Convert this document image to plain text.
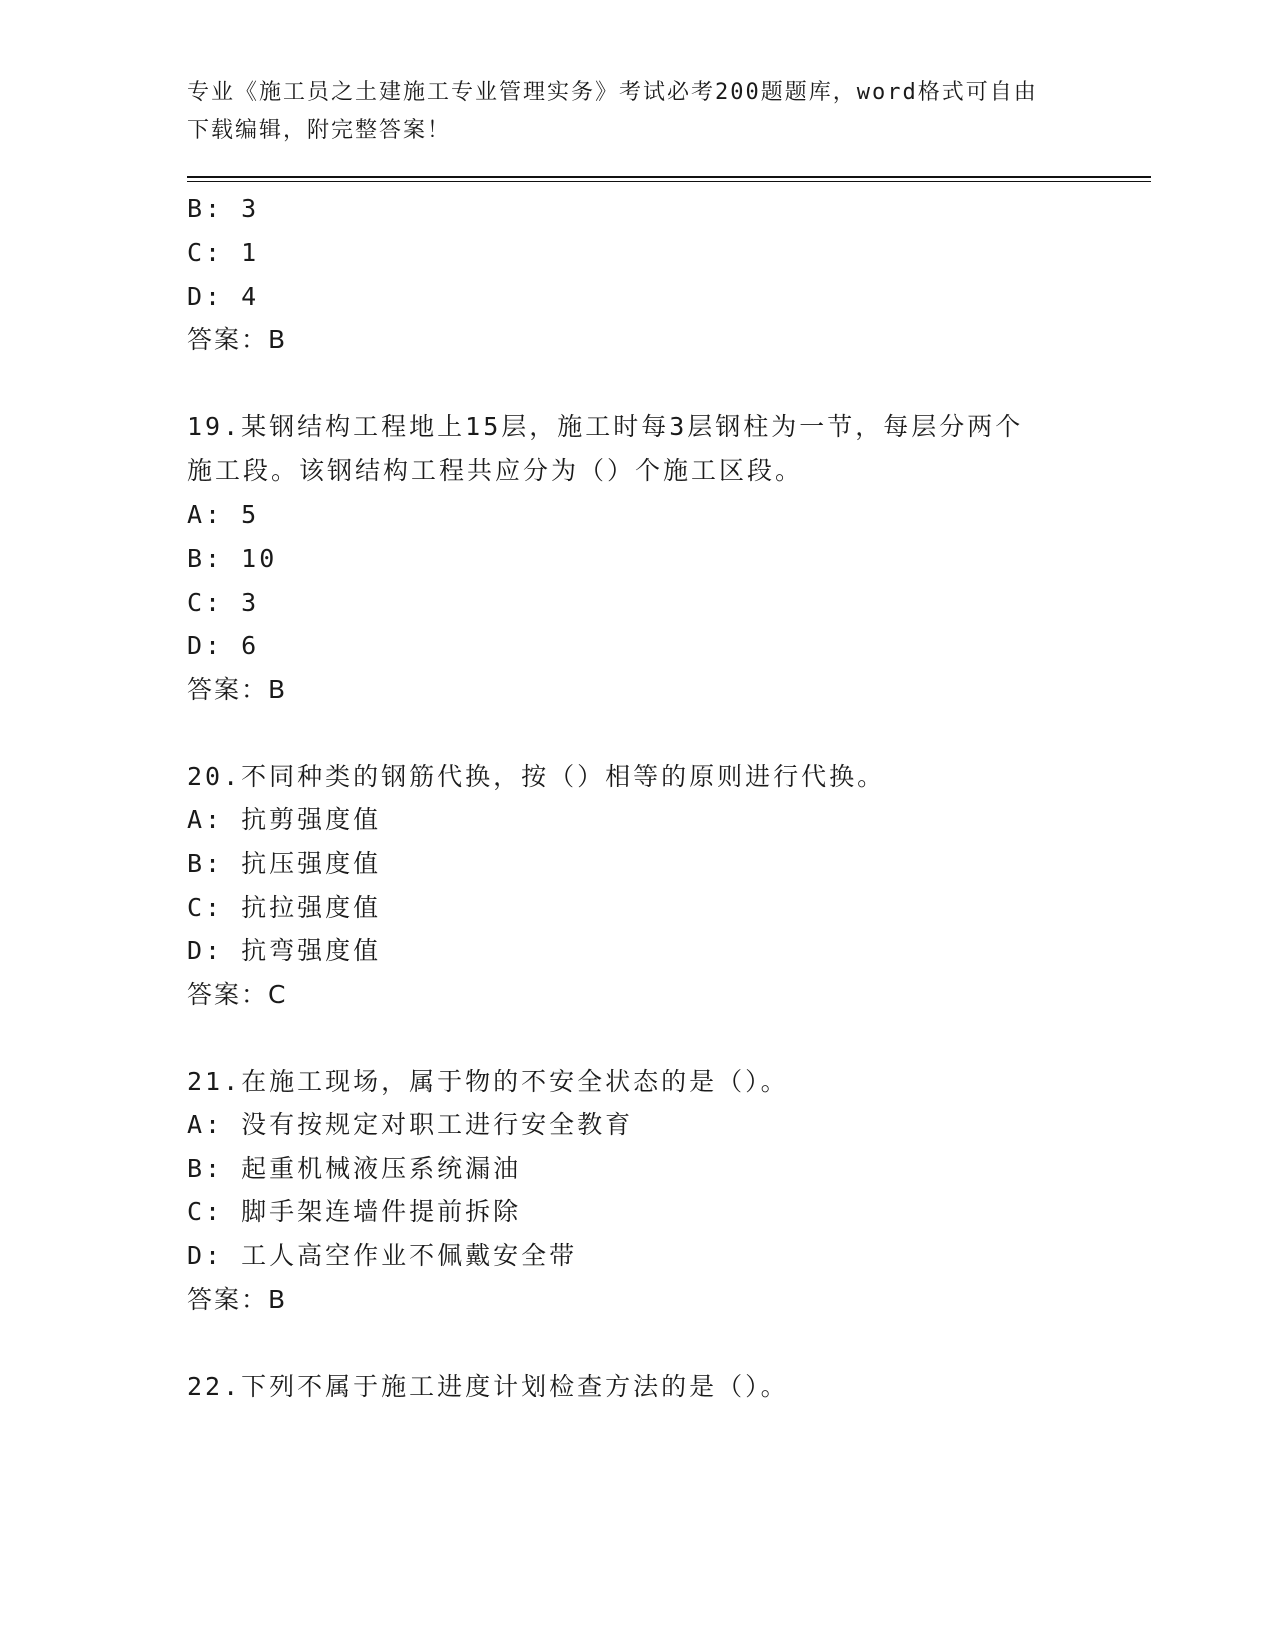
专业《施工员之土建施工专业管理实务》考试必考200题题库，word格式可自由
下载编辑，附完整答案！
B: 3
C: 1
D: 4
答案：B
19.某钢结构工程地上15层，施工时每3层钢柱为一节，每层分两个
施工段。该钢结构工程共应分为（）个施工区段。
A: 5
B: 10
C: 3
D: 6
答案：B
20.不同种类的钢筋代换，按（）相等的原则进行代换。
A: 抗剪强度值
B: 抗压强度值
C: 抗拉强度值
D: 抗弯强度值
答案：C
21.在施工现场，属于物的不安全状态的是（）。
A: 没有按规定对职工进行安全教育
B: 起重机械液压系统漏油
C: 脚手架连墙件提前拆除
D: 工人高空作业不佩戴安全带
答案：B
22.下列不属于施工进度计划检查方法的是（）。
